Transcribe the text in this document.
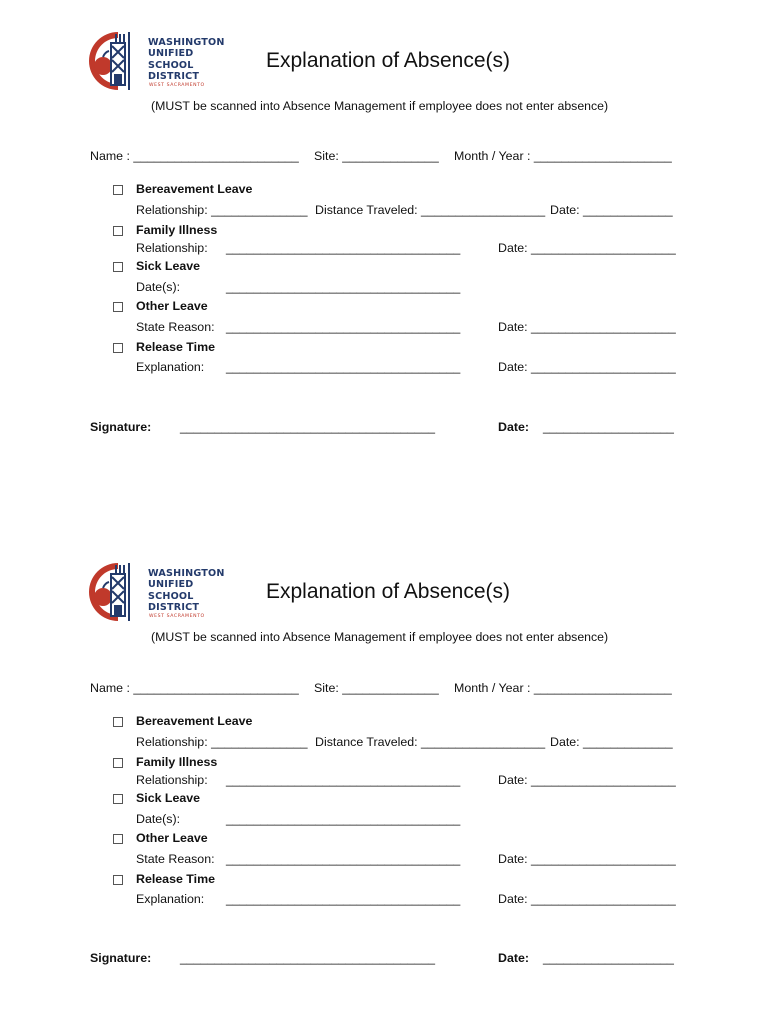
WASHINGTON
UNIFIED
SCHOOL
DISTRICT
WEST SACRAMENTO
Explanation of Absence(s)
(MUST be scanned into Absence Management if employee does not enter absence)
Name : ________________________ Site: ______________ Month / Year : ____________________
Bereavement Leave
Relationship: ______________ Distance Traveled: __________________ Date: _____________
Family Illness
Relationship: __________________________________	Date: _____________________
Sick Leave
Date(s):	__________________________________
Other Leave
State Reason: __________________________________	Date: _____________________
Release Time
Explanation: __________________________________	Date: _____________________
Signature: _____________________________________	Date: ___________________
WASHINGTON
UNIFIED
SCHOOL
DISTRICT
WEST SACRAMENTO
Explanation of Absence(s)
(MUST be scanned into Absence Management if employee does not enter absence)
Name : ________________________ Site: ______________ Month / Year : ____________________
Bereavement Leave
Relationship: ______________ Distance Traveled: __________________ Date: _____________
Family Illness
Relationship: __________________________________	Date: _____________________
Sick Leave
Date(s):	__________________________________
Other Leave
State Reason: __________________________________	Date: _____________________
Release Time
Explanation: __________________________________	Date: _____________________
Signature: _____________________________________	Date: ___________________
